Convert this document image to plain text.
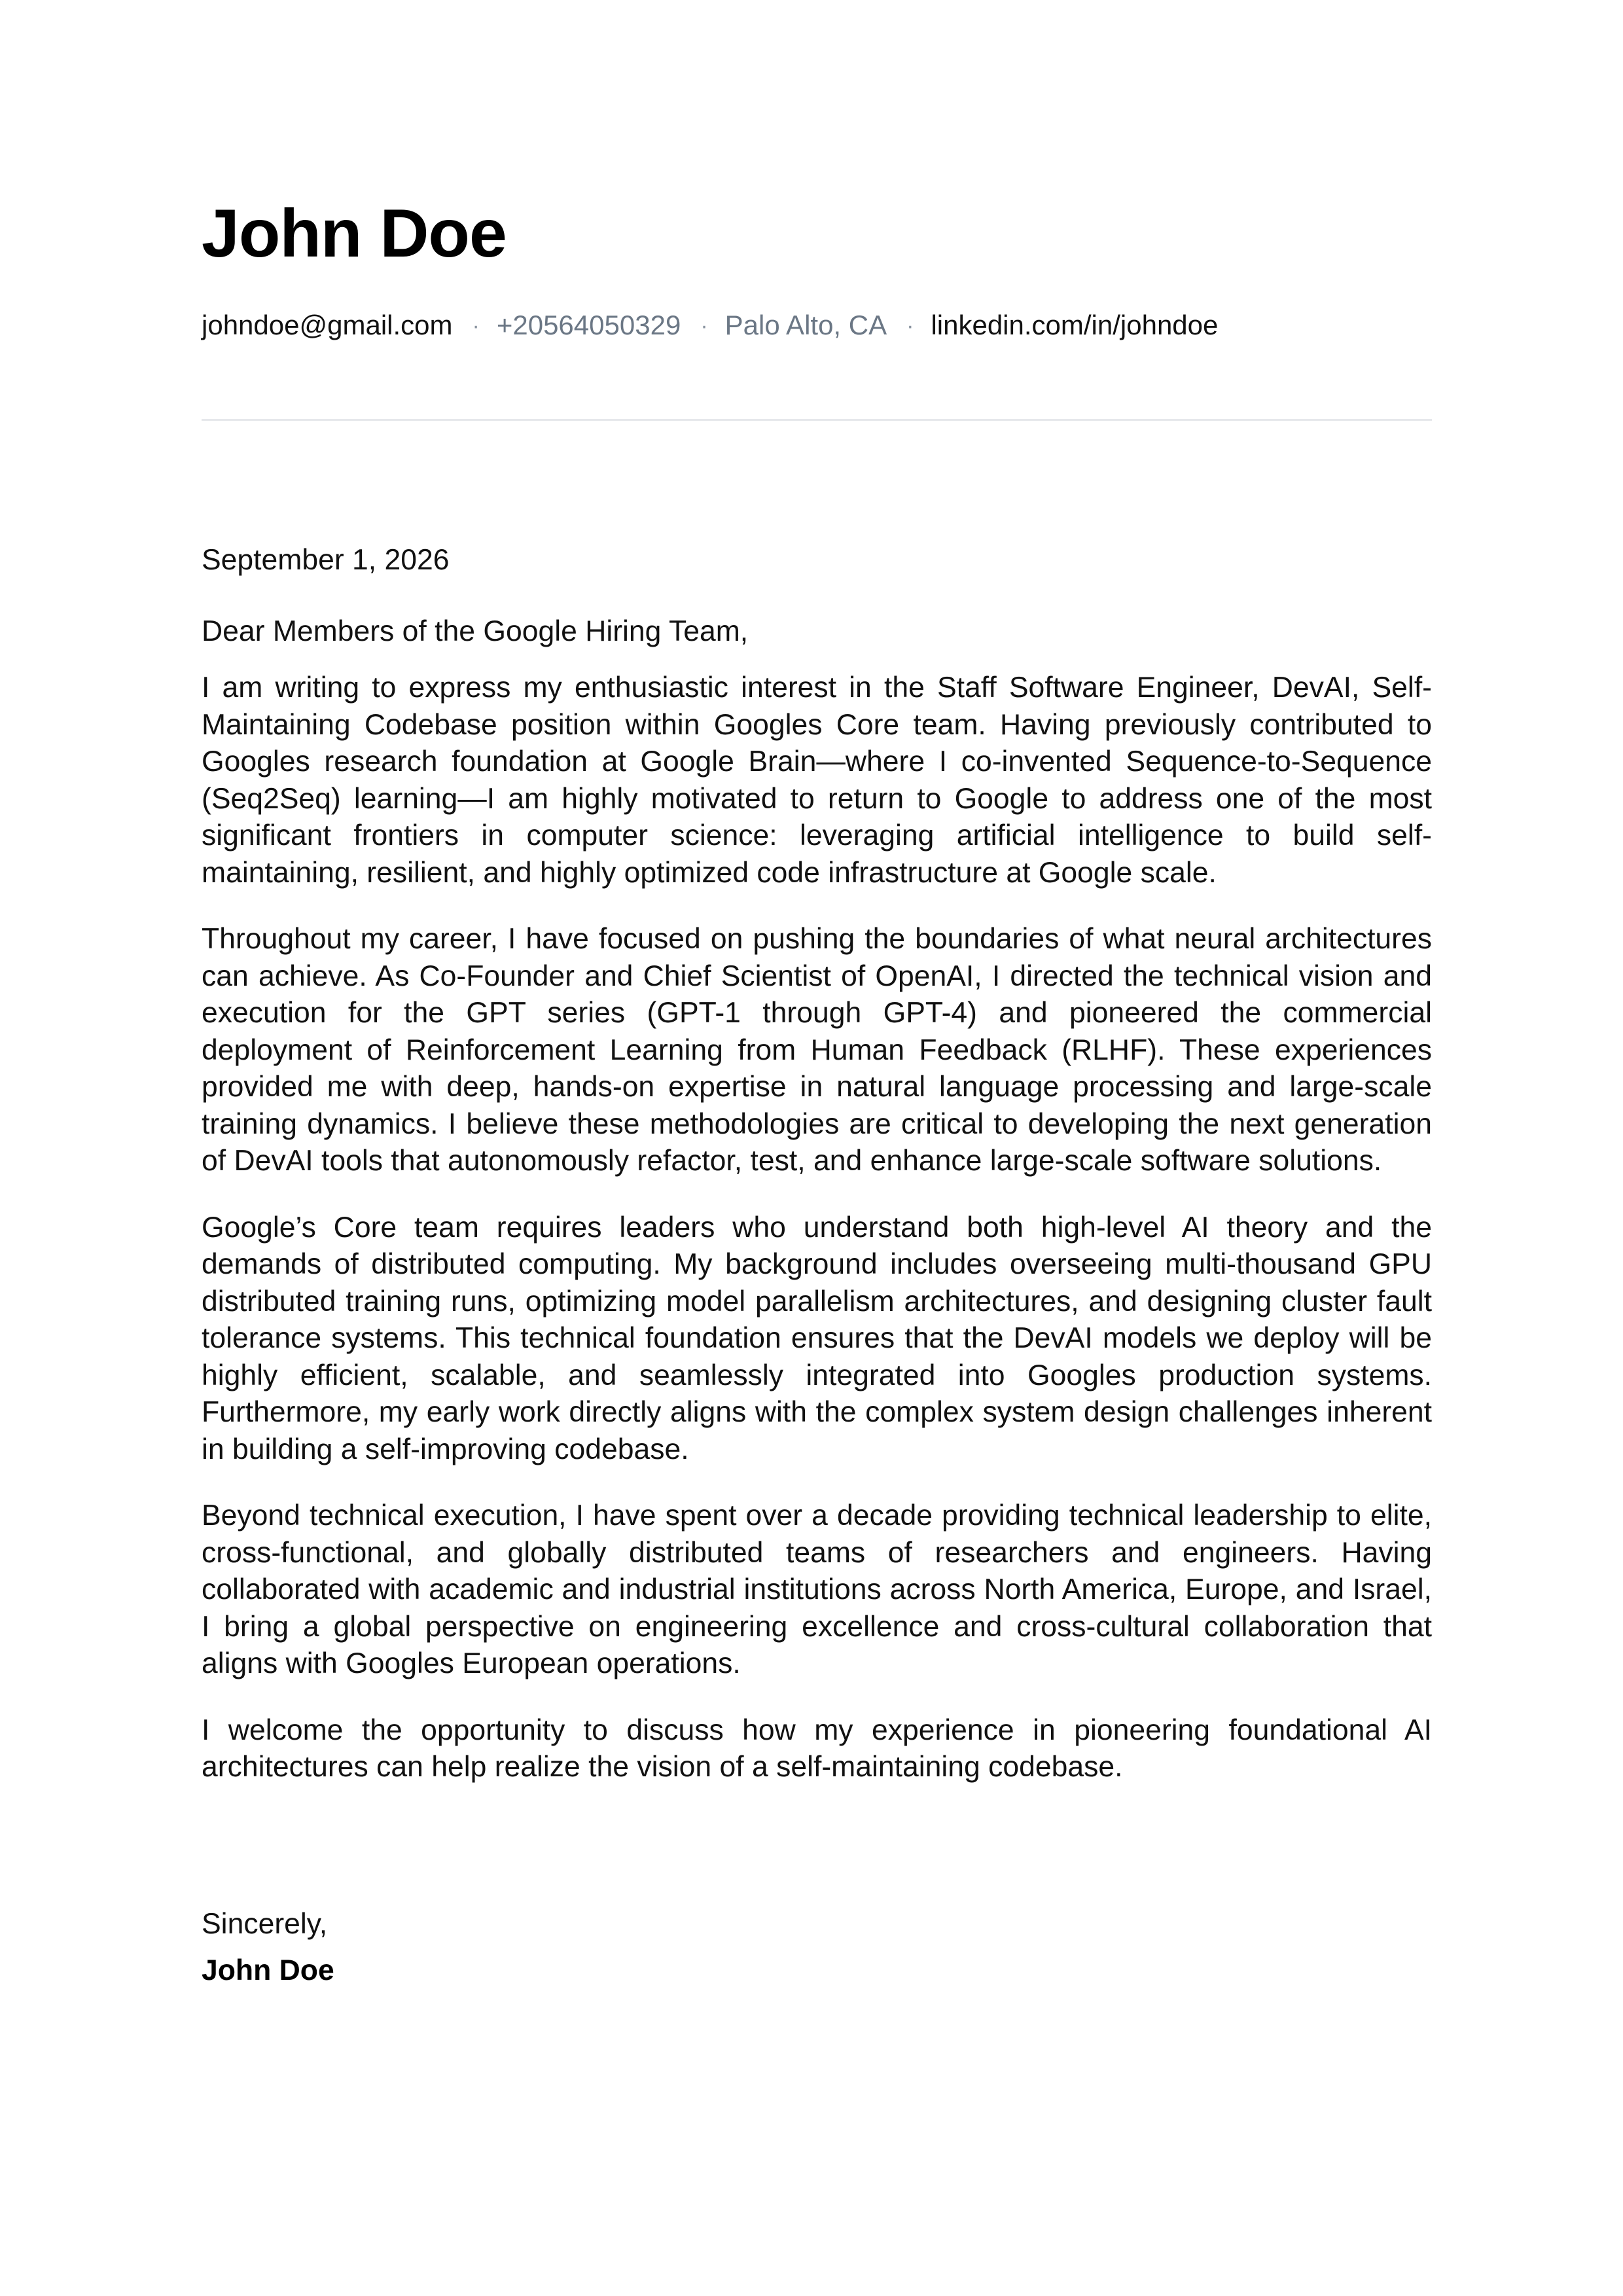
John Doe
johndoe@gmail.com · +20564050329 · Palo Alto, CA · linkedin.com/in/johndoe

September 1, 2026

Dear Members of the Google Hiring Team,

I am writing to express my enthusiastic interest in the Staff Software Engineer, DevAI, Self-Maintaining Codebase position within Googles Core team. Having previously contributed to Googles research foundation at Google Brain—where I co-invented Sequence-to-Sequence (Seq2Seq) learning—I am highly motivated to return to Google to address one of the most significant frontiers in computer science: leveraging artificial intelligence to build self-maintaining, resilient, and highly optimized code infrastructure at Google scale.

Throughout my career, I have focused on pushing the boundaries of what neural architectures can achieve. As Co-Founder and Chief Scientist of OpenAI, I directed the technical vision and execution for the GPT series (GPT-1 through GPT-4) and pioneered the commercial deployment of Reinforcement Learning from Human Feedback (RLHF). These experiences provided me with deep, hands-on expertise in natural language processing and large-scale training dynamics. I believe these methodologies are critical to developing the next generation of DevAI tools that autonomously refactor, test, and enhance large-scale software solutions.

Google’s Core team requires leaders who understand both high-level AI theory and the demands of distributed computing. My background includes overseeing multi-thousand GPU distributed training runs, optimizing model parallelism architectures, and designing cluster fault tolerance systems. This technical foundation ensures that the DevAI models we deploy will be highly efficient, scalable, and seamlessly integrated into Googles production systems. Furthermore, my early work directly aligns with the complex system design challenges inherent in building a self-improving codebase.

Beyond technical execution, I have spent over a decade providing technical leadership to elite, cross-functional, and globally distributed teams of researchers and engineers. Having collaborated with academic and industrial institutions across North America, Europe, and Israel, I bring a global perspective on engineering excellence and cross-cultural collaboration that aligns with Googles European operations.

I welcome the opportunity to discuss how my experience in pioneering foundational AI architectures can help realize the vision of a self-maintaining codebase.

Sincerely,

John Doe
